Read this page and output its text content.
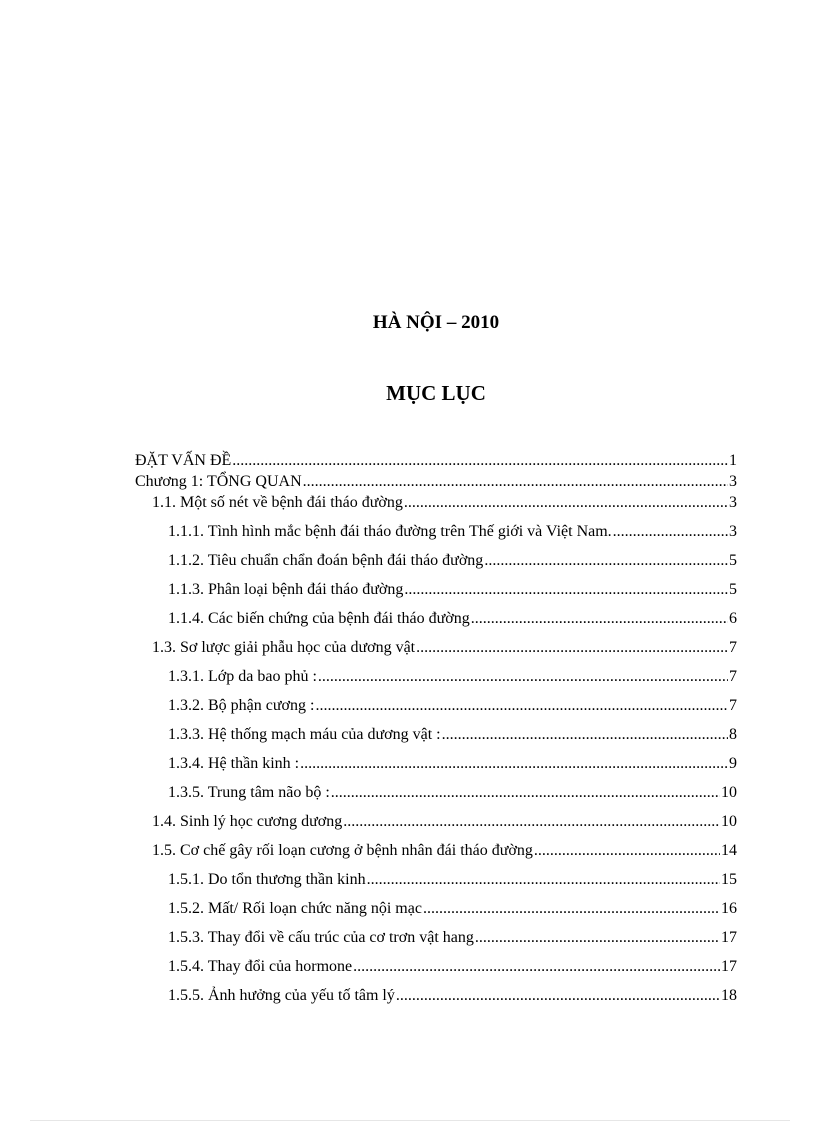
HÀ NỘI – 2010
MỤC LỤC
ĐẶT VẤN ĐỀ .....	1
Chương 1: TỔNG QUAN .....	3
1.1. Một số nét về bệnh đái tháo đường .....	3
1.1.1. Tình hình mắc bệnh đái tháo đường trên Thế giới và Việt Nam. .....	3
1.1.2. Tiêu chuẩn chẩn đoán bệnh đái tháo đường .....	5
1.1.3. Phân loại bệnh đái tháo đường .....	5
1.1.4. Các biến chứng của bệnh đái tháo đường .....	6
1.3. Sơ lược giải phẫu học của dương vật .....	7
1.3.1. Lớp da bao phủ : .....	7
1.3.2. Bộ phận cương : .....	7
1.3.3. Hệ thống mạch máu của dương vật : .....	8
1.3.4. Hệ thần kinh : .....	9
1.3.5. Trung tâm não bộ : .....	10
1.4. Sinh lý học cương dương .....	10
1.5. Cơ chế gây rối loạn cương ở bệnh nhân đái tháo đường .....	14
1.5.1. Do tổn thương thần kinh .....	15
1.5.2. Mất/ Rối loạn chức năng nội mạc .....	16
1.5.3. Thay đổi về cấu trúc của cơ trơn vật hang .....	17
1.5.4. Thay đổi của hormone .....	17
1.5.5. Ảnh hưởng của yếu tố tâm lý .....	18
